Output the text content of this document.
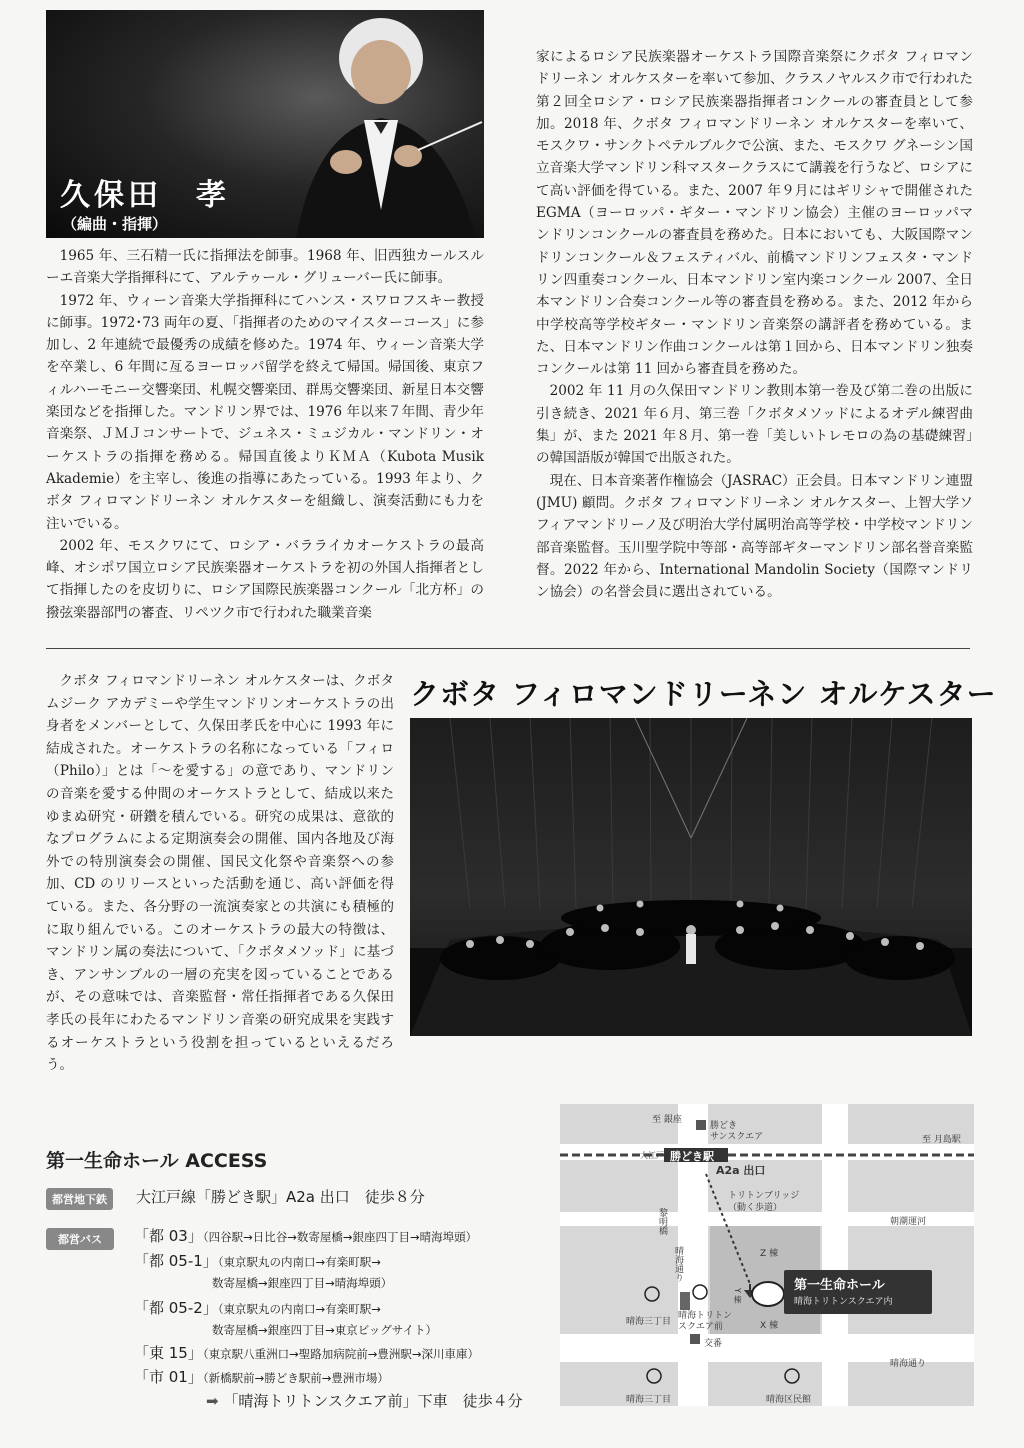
久保田　孝
（編曲・指揮）

1965 年、三石精一氏に指揮法を師事。1968 年、旧西独カールスルーエ音楽大学指揮科にて、アルテゥール・グリューバー氏に師事。

1972 年、ウィーン音楽大学指揮科にてハンス・スワロフスキー教授に師事。1972･73 両年の夏、「指揮者のためのマイスターコース」に参加し、2 年連続で最優秀の成績を修めた。1974 年、ウィーン音楽大学を卒業し、6 年間に亙るヨーロッパ留学を終えて帰国。帰国後、東京フィルハーモニー交響楽団、札幌交響楽団、群馬交響楽団、新星日本交響楽団などを指揮した。マンドリン界では、1976 年以来７年間、青少年音楽祭、ＪＭＪコンサートで、ジュネス・ミュジカル・マンドリン・オーケストラの指揮を務める。帰国直後よりＫＭＡ（Kubota Musik Akademie）を主宰し、後進の指導にあたっている。1993 年より、クボタ フィロマンドリーネン オルケスターを組織し、演奏活動にも力を注いでいる。

2002 年、モスクワにて、ロシア・バラライカオーケストラの最高峰、オシポワ国立ロシア民族楽器オーケストラを初の外国人指揮者として指揮したのを皮切りに、ロシア国際民族楽器コンクール「北方杯」の撥弦楽器部門の審査、リペツク市で行われた職業音楽

家によるロシア民族楽器オーケストラ国際音楽祭にクボタ フィロマンドリーネン オルケスターを率いて参加、クラスノヤルスク市で行われた第２回全ロシア・ロシア民族楽器指揮者コンクールの審査員として参加。2018 年、クボタ フィロマンドリーネン オルケスターを率いて、モスクワ・サンクトペテルブルクで公演、また、モスクワ グネーシン国立音楽大学マンドリン科マスタークラスにて講義を行うなど、ロシアにて高い評価を得ている。また、2007 年９月にはギリシャで開催された EGMA（ヨーロッパ・ギター・マンドリン協会）主催のヨーロッパマンドリンコンクールの審査員を務めた。日本においても、大阪国際マンドリンコンクール＆フェスティバル、前橋マンドリンフェスタ・マンドリン四重奏コンクール、日本マンドリン室内楽コンクール 2007、全日本マンドリン合奏コンクール等の審査員を務める。また、2012 年から中学校高等学校ギター・マンドリン音楽祭の講評者を務めている。また、日本マンドリン作曲コンクールは第１回から、日本マンドリン独奏コンクールは第 11 回から審査員を務めた。

2002 年 11 月の久保田マンドリン教則本第一巻及び第二巻の出版に引き続き、2021 年６月、第三巻「クボタメソッドによるオデル練習曲集」が、また 2021 年８月、第一巻「美しいトレモロの為の基礎練習」の韓国語版が韓国で出版された。

現在、日本音楽著作権協会（JASRAC）正会員。日本マンドリン連盟(JMU) 顧問。クボタ フィロマンドリーネン オルケスター、上智大学ソフィアマンドリーノ及び明治大学付属明治高等学校・中学校マンドリン部音楽監督。玉川聖学院中等部・高等部ギターマンドリン部名誉音楽監督。2022 年から、International Mandolin Society（国際マンドリン協会）の名誉会員に選出されている。

クボタ フィロマンドリーネン オルケスターは、クボタ ムジーク アカデミーや学生マンドリンオーケストラの出身者をメンバーとして、久保田孝氏を中心に 1993 年に結成された。オーケストラの名称になっている「フィロ（Philo）」とは「～を愛する」の意であり、マンドリンの音楽を愛する仲間のオーケストラとして、結成以来たゆまぬ研究・研鑽を積んでいる。研究の成果は、意欲的なプログラムによる定期演奏会の開催、国内各地及び海外での特別演奏会の開催、国民文化祭や音楽祭への参加、CD のリリースといった活動を通じ、高い評価を得ている。また、各分野の一流演奏家との共演にも積極的に取り組んでいる。このオーケストラの最大の特徴は、マンドリン属の奏法について、「クボタメソッド」に基づき、アンサンブルの一層の充実を図っていることであるが、その意味では、音楽監督・常任指揮者である久保田孝氏の長年にわたるマンドリン音楽の研究成果を実践するオーケストラという役割を担っているといえるだろう。

クボタ フィロマンドリーネン オルケスター
第一生命ホール ACCESS
都営地下鉄	大江戸線「勝どき駅」A2a 出口　徒歩８分
都営バス	「都 03」（四谷駅→日比谷→数寄屋橋→銀座四丁目→晴海埠頭）
「都 05-1」（東京駅丸の内南口→有楽町駅→
数寄屋橋→銀座四丁目→晴海埠頭）
「都 05-2」（東京駅丸の内南口→有楽町駅→
数寄屋橋→銀座四丁目→東京ビッグサイト）
「東 15」（東京駅八重洲口→聖路加病院前→豊洲駅→深川車庫）
「市 01」（新橋駅前→勝どき駅前→豊洲市場）
➡ 「晴海トリトンスクエア前」下車　徒歩４分
至 銀座
勝どき
サンスクエア	至 月島駅
大江戸線
勝どき駅
A2a 出口
トリトンブリッジ
（動く歩道）
黎明橋	朝潮運河
晴海通り	Z 棟
Y 棟
X 棟
第一生命ホール
晴海トリトンスクエア内
晴海三丁目
晴海トリトン
スクエア前
交番
晴海通り
晴海三丁目	晴海区民館
